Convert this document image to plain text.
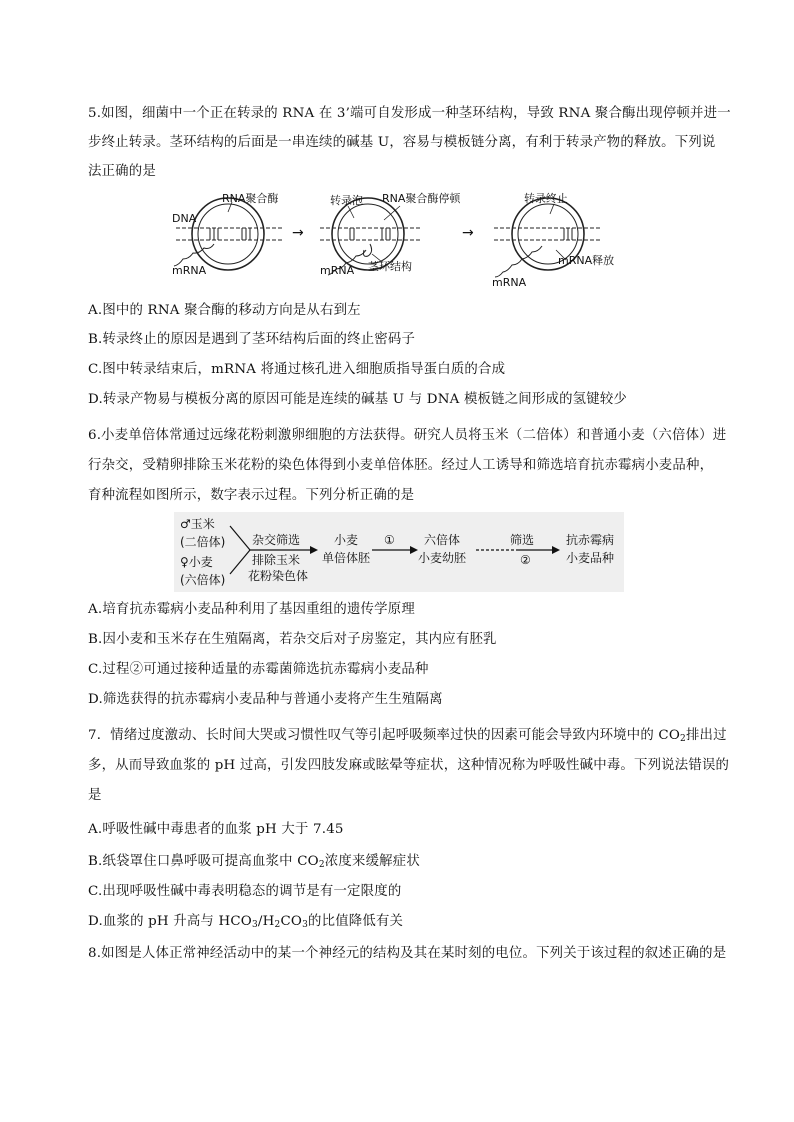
5.如图，细菌中一个正在转录的 RNA 在 3’端可自发形成一种茎环结构，导致 RNA 聚合酶出现停顿并进一
步终止转录。茎环结构的后面是一串连续的碱基 U，容易与模板链分离，有利于转录产物的释放。下列说
法正确的是
DNA
RNA聚合酶
mRNA
→
转录泡 RNA聚合酶停顿
mRNA 茎环结构
→
转录终止
mRNA释放
mRNA
A.图中的 RNA 聚合酶的移动方向是从右到左
B.转录终止的原因是遇到了茎环结构后面的终止密码子
C.图中转录结束后，mRNA 将通过核孔进入细胞质指导蛋白质的合成
D.转录产物易与模板分离的原因可能是连续的碱基 U 与 DNA 模板链之间形成的氢键较少
6.小麦单倍体常通过远缘花粉刺激卵细胞的方法获得。研究人员将玉米（二倍体）和普通小麦（六倍体）进
行杂交，受精卵排除玉米花粉的染色体得到小麦单倍体胚。经过人工诱导和筛选培育抗赤霉病小麦品种，
育种流程如图所示，数字表示过程。下列分析正确的是
♂玉米
(二倍体)
♀小麦
(六倍体)
杂交筛选
排除玉米
花粉染色体
小麦
单倍体胚
① 六倍体
小麦幼胚
筛选
②
抗赤霉病
小麦品种
A.培育抗赤霉病小麦品种利用了基因重组的遗传学原理
B.因小麦和玉米存在生殖隔离，若杂交后对子房鉴定，其内应有胚乳
C.过程②可通过接种适量的赤霉菌筛选抗赤霉病小麦品种
D.筛选获得的抗赤霉病小麦品种与普通小麦将产生生殖隔离
7．情绪过度激动、长时间大哭或习惯性叹气等引起呼吸频率过快的因素可能会导致内环境中的 $CO_2$排出过
多，从而导致血浆的 pH 过高，引发四肢发麻或眩晕等症状，这种情况称为呼吸性碱中毒。下列说法错误的
是
A.呼吸性碱中毒患者的血浆 pH 大于 7.45
B.纸袋罩住口鼻呼吸可提高血浆中 $CO_2$浓度来缓解症状
C.出现呼吸性碱中毒表明稳态的调节是有一定限度的
D.血浆的 pH 升高与 $HCO_3/H_2CO_3$的比值降低有关
8.如图是人体正常神经活动中的某一个神经元的结构及其在某时刻的电位。下列关于该过程的叙述正确的是
